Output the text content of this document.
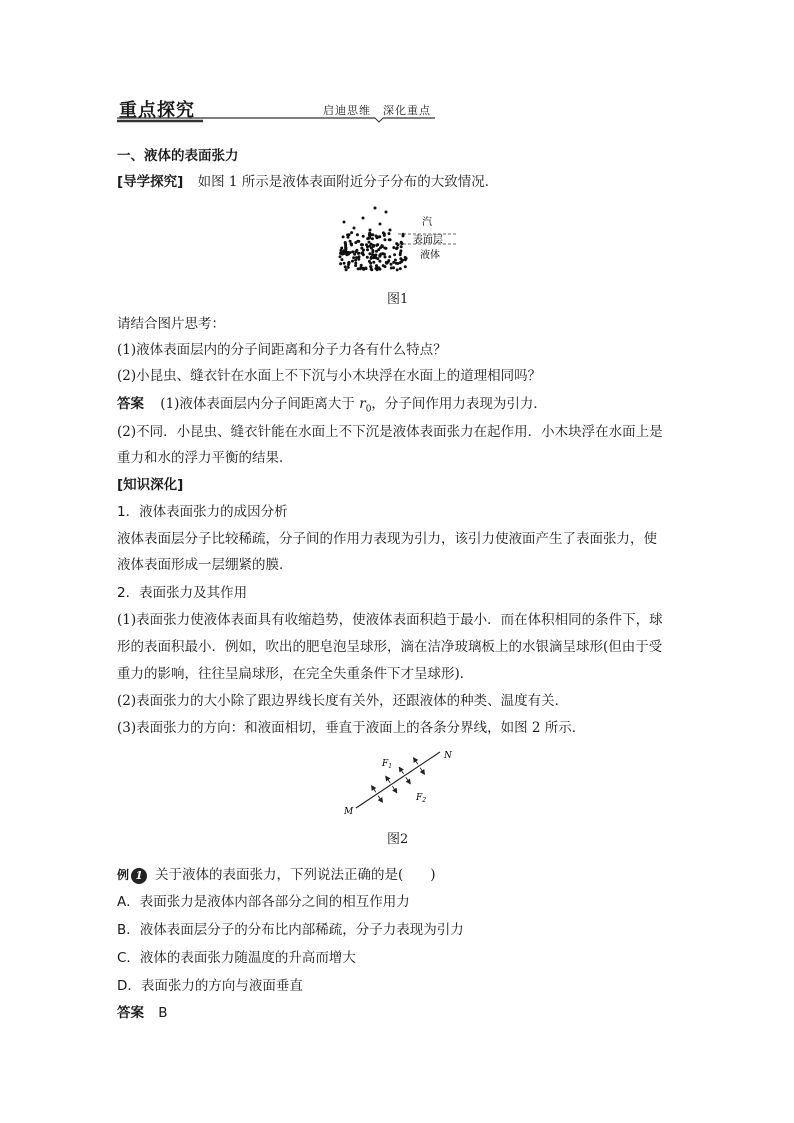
重点探究	启迪思维　深化重点
一、液体的表面张力
[导学探究] 如图 1 所示是液体表面附近分子分布的大致情况．
汽
表面层
液体
图1
请结合图片思考：
(1)液体表面层内的分子间距离和分子力各有什么特点？
(2)小昆虫、缝衣针在水面上不下沉与小木块浮在水面上的道理相同吗？
答案 (1)液体表面层内分子间距离大于 $r_0$，分子间作用力表现为引力．
(2)不同．小昆虫、缝衣针能在水面上不下沉是液体表面张力在起作用．小木块浮在水面上是
重力和水的浮力平衡的结果．
[知识深化]
1．液体表面张力的成因分析
液体表面层分子比较稀疏，分子间的作用力表现为引力，该引力使液面产生了表面张力，使
液体表面形成一层绷紧的膜．
2．表面张力及其作用
(1)表面张力使液体表面具有收缩趋势，使液体表面积趋于最小．而在体积相同的条件下，球
形的表面积最小．例如，吹出的肥皂泡呈球形，滴在洁净玻璃板上的水银滴呈球形(但由于受
重力的影响，往往呈扁球形，在完全失重条件下才呈球形)．
(2)表面张力的大小除了跟边界线长度有关外，还跟液体的种类、温度有关．
(3)表面张力的方向：和液面相切，垂直于液面上的各条分界线，如图 2 所示．
N
M
$F_1$
$F_2$
图2
例 1 关于液体的表面张力，下列说法正确的是(　　)
A．表面张力是液体内部各部分之间的相互作用力
B．液体表面层分子的分布比内部稀疏，分子力表现为引力
C．液体的表面张力随温度的升高而增大
D．表面张力的方向与液面垂直
答案 B
